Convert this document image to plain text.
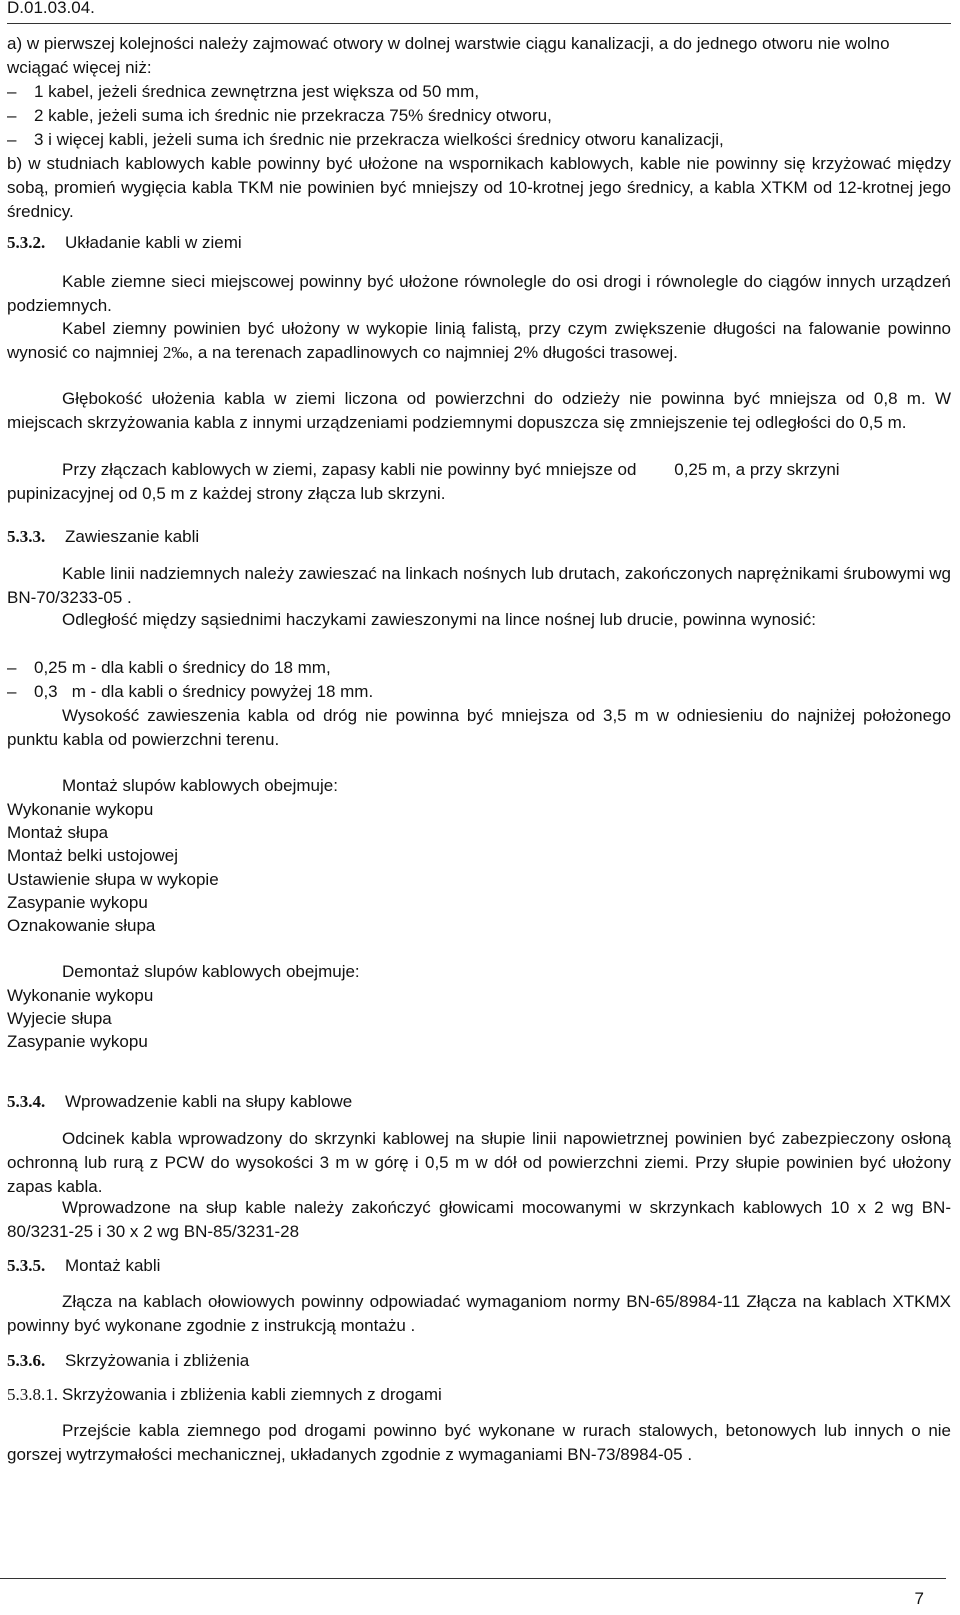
D.01.03.04.
a) w pierwszej kolejności należy zajmować otwory w dolnej warstwie ciągu kanalizacji, a do jednego otworu nie wolno wciągać więcej niż:
– 1 kabel, jeżeli średnica zewnętrzna jest większa od 50 mm,
– 2 kable, jeżeli suma ich średnic nie przekracza 75% średnicy otworu,
– 3 i więcej kabli, jeżeli suma ich średnic nie przekracza wielkości średnicy otworu kanalizacji,
b) w studniach kablowych kable powinny być ułożone na wspornikach kablowych, kable nie powinny się krzyżować między sobą, promień wygięcia kabla TKM nie powinien być mniejszy od 10-krotnej jego średnicy, a kabla XTKM od 12-krotnej jego średnicy.
5.3.2. Układanie kabli w ziemi
Kable ziemne sieci miejscowej powinny być ułożone równolegle do osi drogi i równolegle do ciągów innych urządzeń podziemnych.
Kabel ziemny powinien być ułożony w wykopie linią falistą, przy czym zwiększenie długości na falowanie powinno wynosić co najmniej 2‰, a na terenach zapadlinowych co najmniej 2% długości trasowej.
Głębokość ułożenia kabla w ziemi liczona od powierzchni do odzieży nie powinna być mniejsza od 0,8 m. W miejscach skrzyżowania kabla z innymi urządzeniami podziemnymi dopuszcza się zmniejszenie tej odległości do 0,5 m.
Przy złączach kablowych w ziemi, zapasy kabli nie powinny być mniejsze od        0,25 m, a przy skrzyni pupinizacyjnej od 0,5 m z każdej strony złącza lub skrzyni.
5.3.3. Zawieszanie kabli
Kable linii nadziemnych należy zawieszać na linkach nośnych lub drutach, zakończonych naprężnikami śrubowymi wg BN-70/3233-05 .
Odległość między sąsiednimi haczykami zawieszonymi na lince nośnej lub drucie, powinna wynosić:
– 0,25 m - dla kabli o średnicy do 18 mm,
– 0,3   m - dla kabli o średnicy powyżej 18 mm.
Wysokość zawieszenia kabla od dróg nie powinna być mniejsza od 3,5 m w odniesieniu do najniżej położonego punktu kabla od powierzchni terenu.
Montaż slupów kablowych obejmuje:
Wykonanie wykopu
Montaż słupa
Montaż belki ustojowej
Ustawienie słupa w wykopie
Zasypanie wykopu
Oznakowanie słupa
Demontaż slupów kablowych obejmuje:
Wykonanie wykopu
Wyjecie słupa
Zasypanie wykopu
5.3.4. Wprowadzenie kabli na słupy kablowe
Odcinek kabla wprowadzony do skrzynki kablowej na słupie linii napowietrznej powinien być zabezpieczony osłoną ochronną lub rurą z PCW do wysokości 3 m w górę i 0,5 m w dół od powierzchni ziemi. Przy słupie powinien być ułożony zapas kabla.
Wprowadzone na słup kable należy zakończyć głowicami mocowanymi w skrzynkach kablowych 10 x 2 wg BN-80/3231-25 i 30 x 2 wg BN-85/3231-28
5.3.5. Montaż kabli
Złącza na kablach ołowiowych powinny odpowiadać wymaganiom normy BN-65/8984-11 Złącza na kablach XTKMX powinny być wykonane zgodnie z instrukcją montażu .
5.3.6. Skrzyżowania i zbliżenia
5.3.8.1. Skrzyżowania i zbliżenia kabli ziemnych z drogami
Przejście kabla ziemnego pod drogami powinno być wykonane w rurach stalowych, betonowych lub innych o nie gorszej wytrzymałości mechanicznej, układanych zgodnie z wymaganiami BN-73/8984-05 .
7
